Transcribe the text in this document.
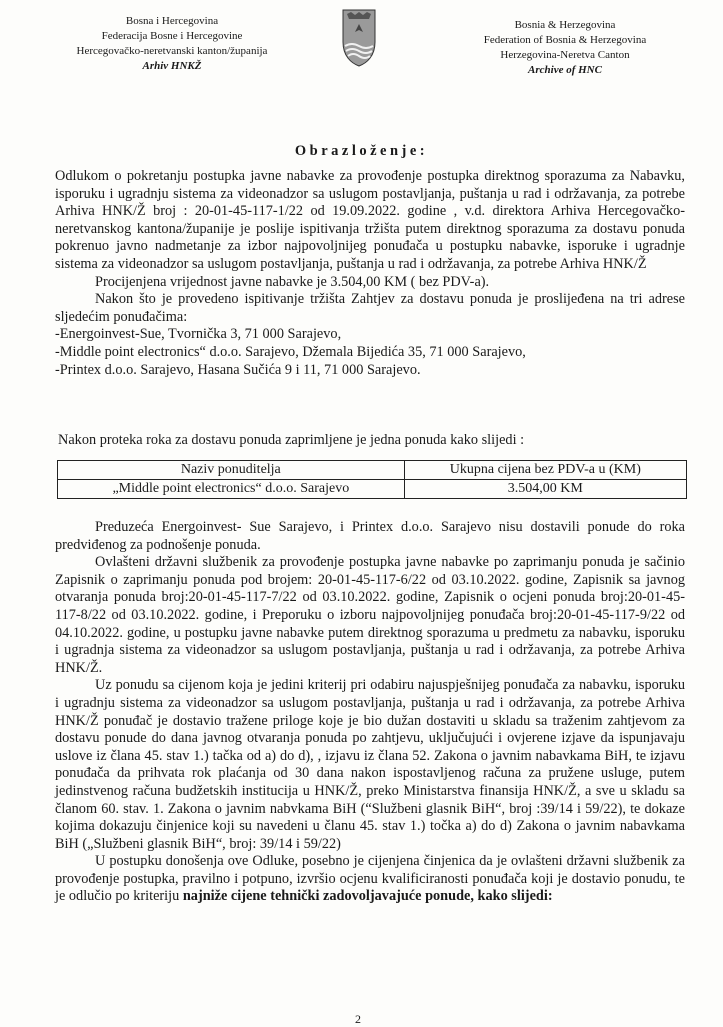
Bosna i Hercegovina
Federacija Bosne i Hercegovine
Hercegovačko-neretvanski kanton/županija
Arhiv HNKŽ
Bosnia & Herzegovina
Federation of Bosnia & Herzegovina
Herzegovina-Neretva Canton
Archive of HNC
Obrazloženje:

Odlukom o pokretanju postupka javne nabavke za provođenje postupka direktnog sporazuma za Nabavku, isporuku i ugradnju sistema za videonadzor sa uslugom postavljanja, puštanja u rad i održavanja, za potrebe Arhiva HNK/Ž broj : 20-01-45-117-1/22 od 19.09.2022. godine , v.d. direktora Arhiva Hercegovačko-neretvanskog kantona/županije je poslije ispitivanja tržišta putem direktnog sporazuma za dostavu ponuda pokrenuo javno nadmetanje za izbor najpovoljnijeg ponuđača u postupku nabavke, isporuke i ugradnje sistema za videonadzor sa uslugom postavljanja, puštanja u rad i održavanja, za potrebe Arhiva HNK/Ž

Procijenjena vrijednost javne nabavke je 3.504,00 KM ( bez PDV-a).

Nakon što je provedeno ispitivanje tržišta Zahtjev za dostavu ponuda je proslijeđena na tri adrese sljedećim ponuđačima:

-Energoinvest-Sue, Tvornička 3, 71 000 Sarajevo,

-Middle point electronics“ d.o.o. Sarajevo, Džemala Bijedića 35, 71 000 Sarajevo,

-Printex d.o.o. Sarajevo, Hasana Sučića 9 i 11, 71 000 Sarajevo.

Nakon proteka roka za dostavu ponuda zaprimljene je jedna ponuda kako slijedi :

Naziv ponuditelja	Ukupna cijena bez PDV-a u (KM)
„Middle point electronics“ d.o.o. Sarajevo	3.504,00 KM

Preduzeća Energoinvest- Sue Sarajevo, i Printex d.o.o. Sarajevo nisu dostavili ponude do roka predviđenog za podnošenje ponuda.

Ovlašteni državni službenik za provođenje postupka javne nabavke po zaprimanju ponuda je sačinio Zapisnik o zaprimanju ponuda pod brojem: 20-01-45-117-6/22 od 03.10.2022. godine, Zapisnik sa javnog otvaranja ponuda broj:20-01-45-117-7/22 od 03.10.2022. godine, Zapisnik o ocjeni ponuda broj:20-01-45-117-8/22 od 03.10.2022. godine, i Preporuku o izboru najpovoljnijeg ponuđača broj:20-01-45-117-9/22 od 04.10.2022. godine, u postupku javne nabavke putem direktnog sporazuma u predmetu za nabavku, isporuku i ugradnja sistema za videonadzor sa uslugom postavljanja, puštanja u rad i održavanja, za potrebe Arhiva HNK/Ž.

Uz ponudu sa cijenom koja je jedini kriterij pri odabiru najuspješnijeg ponuđača za nabavku, isporuku i ugradnju sistema za videonadzor sa uslugom postavljanja, puštanja u rad i održavanja, za potrebe Arhiva HNK/Ž ponuđač je dostavio tražene priloge koje je bio dužan dostaviti u skladu sa traženim zahtjevom za dostavu ponude do dana javnog otvaranja ponuda po zahtjevu, uključujući i ovjerene izjave da ispunjavaju uslove iz člana 45. stav 1.) tačka od a) do d), , izjavu iz člana 52. Zakona o javnim nabavkama BiH, te izjavu ponuđača da prihvata rok plaćanja od 30 dana nakon ispostavljenog računa za pružene usluge, putem jedinstvenog računa budžetskih institucija u HNK/Ž, preko Ministarstva finansija HNK/Ž, a sve u skladu sa članom 60. stav. 1. Zakona o javnim nabvkama BiH (“Službeni glasnik BiH“, broj :39/14 i 59/22), te dokaze kojima dokazuju činjenice koji su navedeni u članu 45. stav 1.) točka a) do d) Zakona o javnim nabavkama BiH („Službeni glasnik BiH“, broj: 39/14 i 59/22)

U postupku donošenja ove Odluke, posebno je cijenjena činjenica da je ovlašteni državni službenik za provođenje postupka, pravilno i potpuno, izvršio ocjenu kvalificiranosti ponuđača koji je dostavio ponudu, te je odlučio po kriteriju najniže cijene tehnički zadovoljavajuće ponude, kako slijedi:

2
